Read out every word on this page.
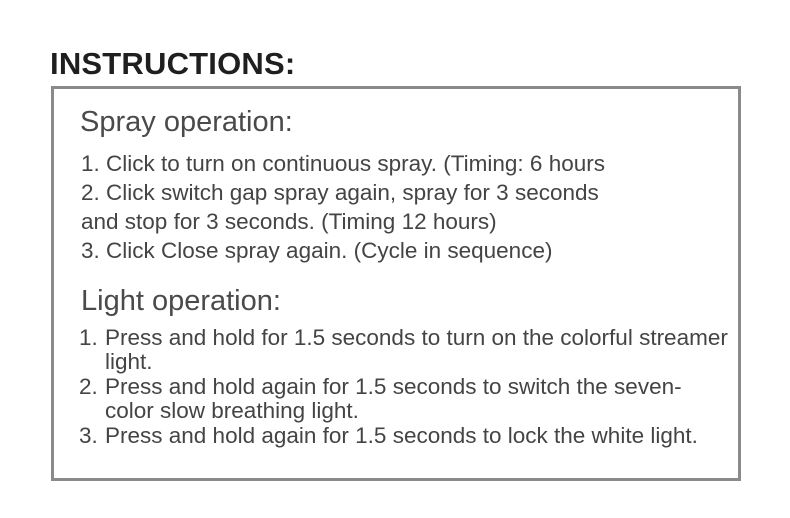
INSTRUCTIONS:
Spray operation:
1. Click to turn on continuous spray. (Timing: 6 hours
2. Click switch gap spray again, spray for 3 seconds
and stop for 3 seconds. (Timing 12 hours)
3. Click Close spray again. (Cycle in sequence)
Light operation:
1. Press and hold for 1.5 seconds to turn on the colorful streamer light.
2. Press and hold again for 1.5 seconds to switch the seven-color slow breathing light.
3. Press and hold again for 1.5 seconds to lock the white light.
